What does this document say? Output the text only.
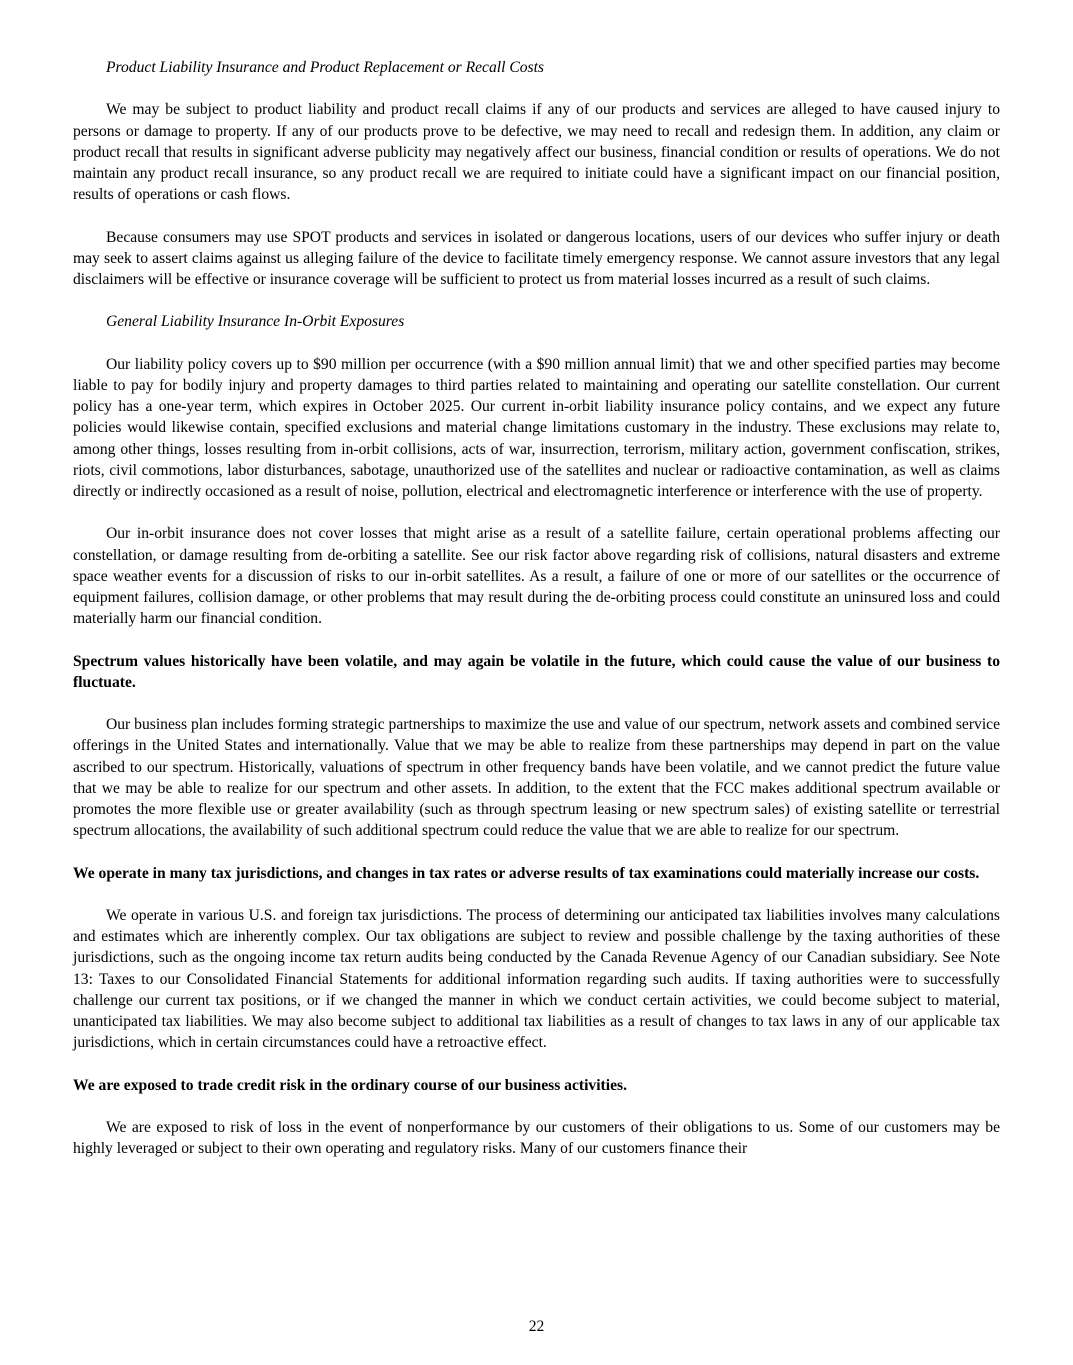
Product Liability Insurance and Product Replacement or Recall Costs

We may be subject to product liability and product recall claims if any of our products and services are alleged to have caused injury to persons or damage to property. If any of our products prove to be defective, we may need to recall and redesign them. In addition, any claim or product recall that results in significant adverse publicity may negatively affect our business, financial condition or results of operations. We do not maintain any product recall insurance, so any product recall we are required to initiate could have a significant impact on our financial position, results of operations or cash flows.

Because consumers may use SPOT products and services in isolated or dangerous locations, users of our devices who suffer injury or death may seek to assert claims against us alleging failure of the device to facilitate timely emergency response. We cannot assure investors that any legal disclaimers will be effective or insurance coverage will be sufficient to protect us from material losses incurred as a result of such claims.

General Liability Insurance In-Orbit Exposures

Our liability policy covers up to $90 million per occurrence (with a $90 million annual limit) that we and other specified parties may become liable to pay for bodily injury and property damages to third parties related to maintaining and operating our satellite constellation. Our current policy has a one-year term, which expires in October 2025. Our current in-orbit liability insurance policy contains, and we expect any future policies would likewise contain, specified exclusions and material change limitations customary in the industry. These exclusions may relate to, among other things, losses resulting from in-orbit collisions, acts of war, insurrection, terrorism, military action, government confiscation, strikes, riots, civil commotions, labor disturbances, sabotage, unauthorized use of the satellites and nuclear or radioactive contamination, as well as claims directly or indirectly occasioned as a result of noise, pollution, electrical and electromagnetic interference or interference with the use of property.

Our in-orbit insurance does not cover losses that might arise as a result of a satellite failure, certain operational problems affecting our constellation, or damage resulting from de-orbiting a satellite. See our risk factor above regarding risk of collisions, natural disasters and extreme space weather events for a discussion of risks to our in-orbit satellites. As a result, a failure of one or more of our satellites or the occurrence of equipment failures, collision damage, or other problems that may result during the de-orbiting process could constitute an uninsured loss and could materially harm our financial condition.

Spectrum values historically have been volatile, and may again be volatile in the future, which could cause the value of our business to fluctuate.

Our business plan includes forming strategic partnerships to maximize the use and value of our spectrum, network assets and combined service offerings in the United States and internationally. Value that we may be able to realize from these partnerships may depend in part on the value ascribed to our spectrum. Historically, valuations of spectrum in other frequency bands have been volatile, and we cannot predict the future value that we may be able to realize for our spectrum and other assets. In addition, to the extent that the FCC makes additional spectrum available or promotes the more flexible use or greater availability (such as through spectrum leasing or new spectrum sales) of existing satellite or terrestrial spectrum allocations, the availability of such additional spectrum could reduce the value that we are able to realize for our spectrum.

We operate in many tax jurisdictions, and changes in tax rates or adverse results of tax examinations could materially increase our costs.

We operate in various U.S. and foreign tax jurisdictions. The process of determining our anticipated tax liabilities involves many calculations and estimates which are inherently complex. Our tax obligations are subject to review and possible challenge by the taxing authorities of these jurisdictions, such as the ongoing income tax return audits being conducted by the Canada Revenue Agency of our Canadian subsidiary. See Note 13: Taxes to our Consolidated Financial Statements for additional information regarding such audits. If taxing authorities were to successfully challenge our current tax positions, or if we changed the manner in which we conduct certain activities, we could become subject to material, unanticipated tax liabilities. We may also become subject to additional tax liabilities as a result of changes to tax laws in any of our applicable tax jurisdictions, which in certain circumstances could have a retroactive effect.

We are exposed to trade credit risk in the ordinary course of our business activities.

We are exposed to risk of loss in the event of nonperformance by our customers of their obligations to us. Some of our customers may be highly leveraged or subject to their own operating and regulatory risks. Many of our customers finance their

22
